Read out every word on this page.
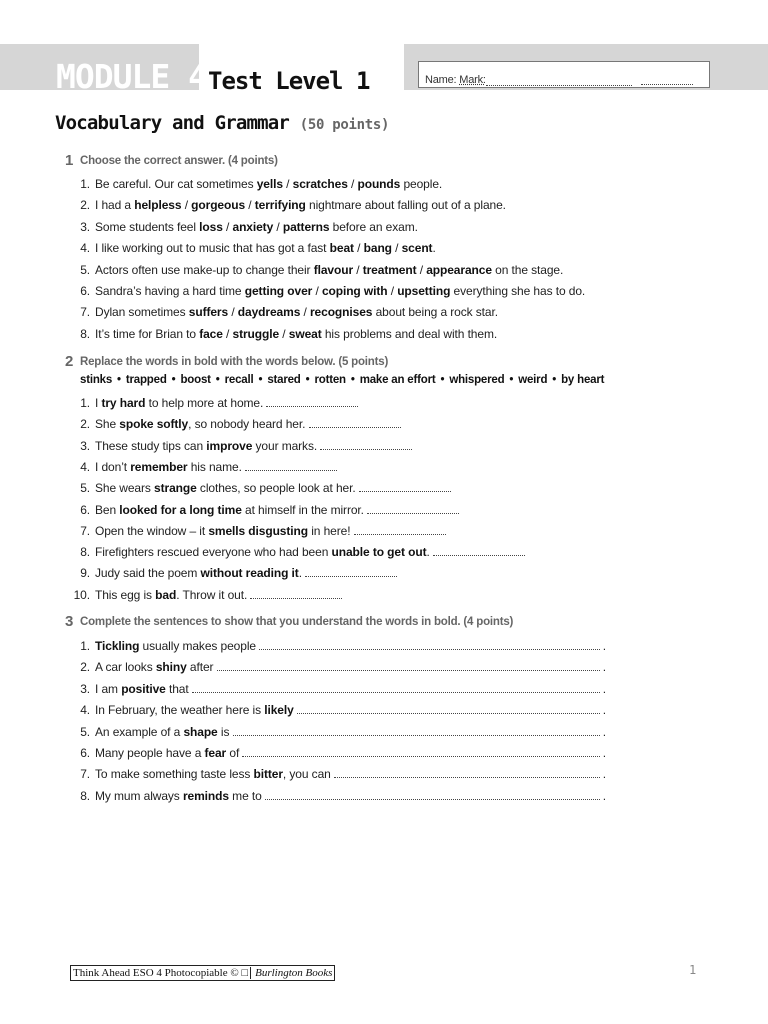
MODULE 4 Test Level 1	Name: Mark:
Vocabulary and Grammar (50 points)
1 Choose the correct answer. (4 points)
1. Be careful. Our cat sometimes yells / scratches / pounds people.
2. I had a helpless / gorgeous / terrifying nightmare about falling out of a plane.
3. Some students feel loss / anxiety / patterns before an exam.
4. I like working out to music that has got a fast beat / bang / scent.
5. Actors often use make-up to change their flavour / treatment / appearance on the stage.
6. Sandra’s having a hard time getting over / coping with / upsetting everything she has to do.
7. Dylan sometimes suffers / daydreams / recognises about being a rock star.
8. It’s time for Brian to face / struggle / sweat his problems and deal with them.
2 Replace the words in bold with the words below. (5 points)
stinks • trapped • boost • recall • stared • rotten • make an effort • whispered • weird • by heart
1. I try hard to help more at home.
2. She spoke softly, so nobody heard her.
3. These study tips can improve your marks.
4. I don’t remember his name.
5. She wears strange clothes, so people look at her.
6. Ben looked for a long time at himself in the mirror.
7. Open the window – it smells disgusting in here!
8. Firefighters rescued everyone who had been unable to get out.
9. Judy said the poem without reading it.
10. This egg is bad. Throw it out.
3 Complete the sentences to show that you understand the words in bold. (4 points)
1. Tickling usually makes people	.
2. A car looks shiny after	.
3. I am positive that	.
4. In February, the weather here is likely	.
5. An example of a shape is	.
6. Many people have a fear of	.
7. To make something taste less bitter, you can	.
8. My mum always reminds me to	.
Think Ahead ESO 4 Photocopiable © □ Burlington Books	1
